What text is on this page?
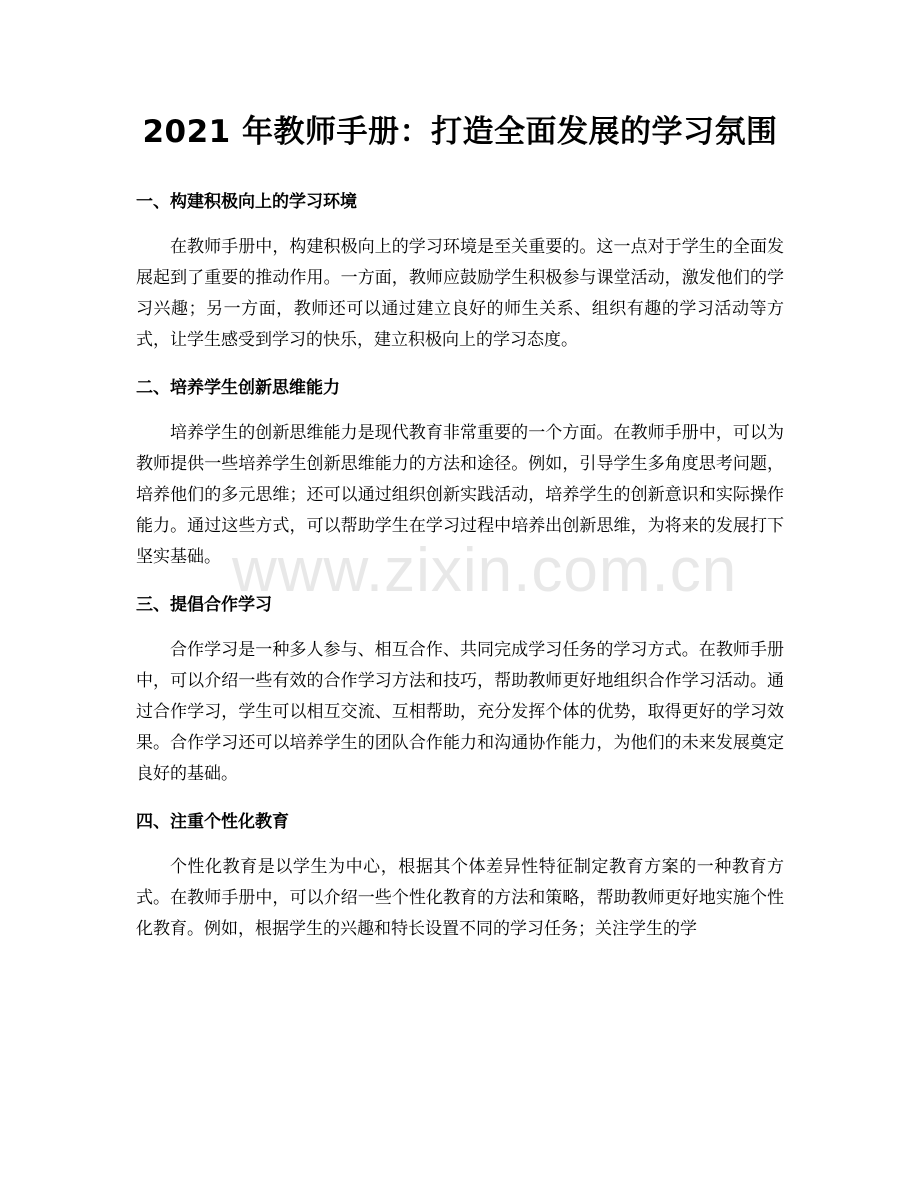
2021 年教师手册：打造全面发展的学习氛围
一、构建积极向上的学习环境

在教师手册中，构建积极向上的学习环境是至关重要的。这一点对于学生的全面发展起到了重要的推动作用。一方面，教师应鼓励学生积极参与课堂活动，激发他们的学习兴趣；另一方面，教师还可以通过建立良好的师生关系、组织有趣的学习活动等方式，让学生感受到学习的快乐，建立积极向上的学习态度。

二、培养学生创新思维能力

培养学生的创新思维能力是现代教育非常重要的一个方面。在教师手册中，可以为教师提供一些培养学生创新思维能力的方法和途径。例如，引导学生多角度思考问题，培养他们的多元思维；还可以通过组织创新实践活动，培养学生的创新意识和实际操作能力。通过这些方式，可以帮助学生在学习过程中培养出创新思维，为将来的发展打下坚实基础。

三、提倡合作学习

合作学习是一种多人参与、相互合作、共同完成学习任务的学习方式。在教师手册中，可以介绍一些有效的合作学习方法和技巧，帮助教师更好地组织合作学习活动。通过合作学习，学生可以相互交流、互相帮助，充分发挥个体的优势，取得更好的学习效果。合作学习还可以培养学生的团队合作能力和沟通协作能力，为他们的未来发展奠定良好的基础。

四、注重个性化教育

个性化教育是以学生为中心，根据其个体差异性特征制定教育方案的一种教育方式。在教师手册中，可以介绍一些个性化教育的方法和策略，帮助教师更好地实施个性化教育。例如，根据学生的兴趣和特长设置不同的学习任务；关注学生的学

www.zixin.com.cn
